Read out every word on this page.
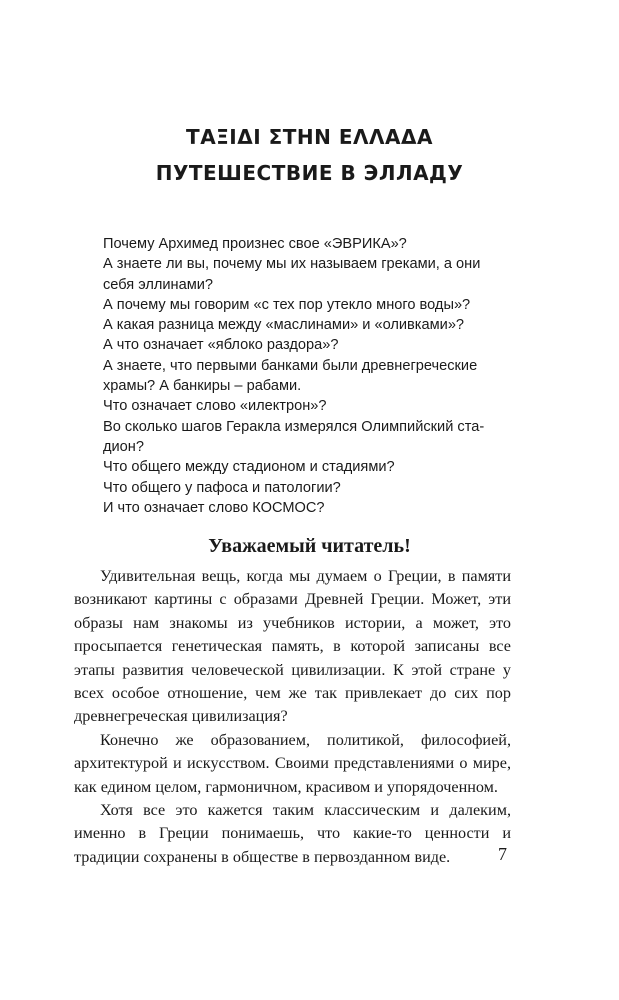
ΤΑΞΙΔΙ ΣΤΗΝ ΕΛΛΑΔΑ
ПУТЕШЕСТВИЕ В ЭЛЛАДУ
Почему Архимед произнес свое «ЭВРИКА»?
А знаете ли вы, почему мы их называем греками, а они
себя эллинами?
А почему мы говорим «с тех пор утекло много воды»?
А какая разница между «маслинами» и «оливками»?
А что означает «яблоко раздора»?
А знаете, что первыми банками были древнегреческие
храмы? А банкиры – рабами.
Что означает слово «илектрон»?
Во сколько шагов Геракла измерялся Олимпийский ста-
дион?
Что общего между стадионом и стадиями?
Что общего у пафоса и патологии?
И что означает слово КОСМОС?
Уважаемый читатель!

Удивительная вещь, когда мы думаем о Греции, в памяти возникают картины с образами Древней Греции. Может, эти образы нам знакомы из учебников истории, а может, это просыпается генетическая память, в которой записаны все этапы развития человеческой цивилизации. К этой стране у всех особое отношение, чем же так привлекает до сих пор древнегреческая цивилизация?

Конечно же образованием, политикой, философией, архитектурой и искусством. Своими представлениями о мире, как едином целом, гармоничном, красивом и упорядоченном.

Хотя все это кажется таким классическим и далеким, именно в Греции понимаешь, что какие-то ценности и традиции сохранены в обществе в первозданном виде.	7
